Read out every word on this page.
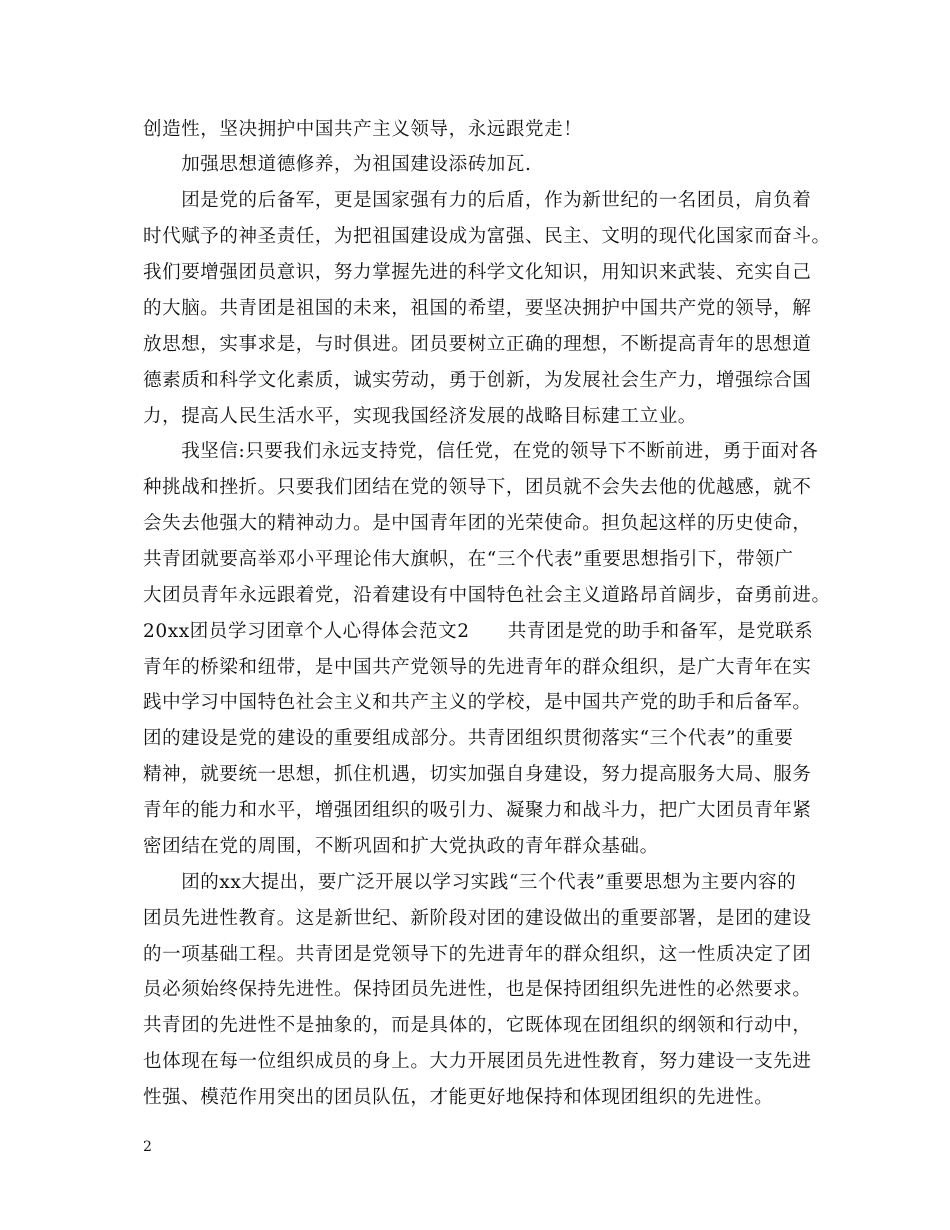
创造性，坚决拥护中国共产主义领导，永远跟党走！
　　加强思想道德修养，为祖国建设添砖加瓦.
　　团是党的后备军，更是国家强有力的后盾，作为新世纪的一名团员，肩负着
时代赋予的神圣责任，为把祖国建设成为富强、民主、文明的现代化国家而奋斗。
我们要增强团员意识，努力掌握先进的科学文化知识，用知识来武装、充实自己
的大脑。共青团是祖国的未来，祖国的希望，要坚决拥护中国共产党的领导，解
放思想，实事求是，与时俱进。团员要树立正确的理想，不断提高青年的思想道
德素质和科学文化素质，诚实劳动，勇于创新，为发展社会生产力，增强综合国
力，提高人民生活水平，实现我国经济发展的战略目标建工立业。
　　我坚信:只要我们永远支持党，信任党，在党的领导下不断前进，勇于面对各
种挑战和挫折。只要我们团结在党的领导下，团员就不会失去他的优越感，就不
会失去他强大的精神动力。是中国青年团的光荣使命。担负起这样的历史使命，
共青团就要高举邓小平理论伟大旗帜，在“三个代表”重要思想指引下，带领广
大团员青年永远跟着党，沿着建设有中国特色社会主义道路昂首阔步，奋勇前进。
20xx团员学习团章个人心得体会范文2　　共青团是党的助手和备军，是党联系
青年的桥梁和纽带，是中国共产党领导的先进青年的群众组织，是广大青年在实
践中学习中国特色社会主义和共产主义的学校，是中国共产党的助手和后备军。
团的建设是党的建设的重要组成部分。共青团组织贯彻落实“三个代表”的重要
精神，就要统一思想，抓住机遇，切实加强自身建设，努力提高服务大局、服务
青年的能力和水平，增强团组织的吸引力、凝聚力和战斗力，把广大团员青年紧
密团结在党的周围，不断巩固和扩大党执政的青年群众基础。
　　团的xx大提出，要广泛开展以学习实践“三个代表”重要思想为主要内容的
团员先进性教育。这是新世纪、新阶段对团的建设做出的重要部署，是团的建设
的一项基础工程。共青团是党领导下的先进青年的群众组织，这一性质决定了团
员必须始终保持先进性。保持团员先进性，也是保持团组织先进性的必然要求。
共青团的先进性不是抽象的，而是具体的，它既体现在团组织的纲领和行动中，
也体现在每一位组织成员的身上。大力开展团员先进性教育，努力建设一支先进
性强、模范作用突出的团员队伍，才能更好地保持和体现团组织的先进性。
2
